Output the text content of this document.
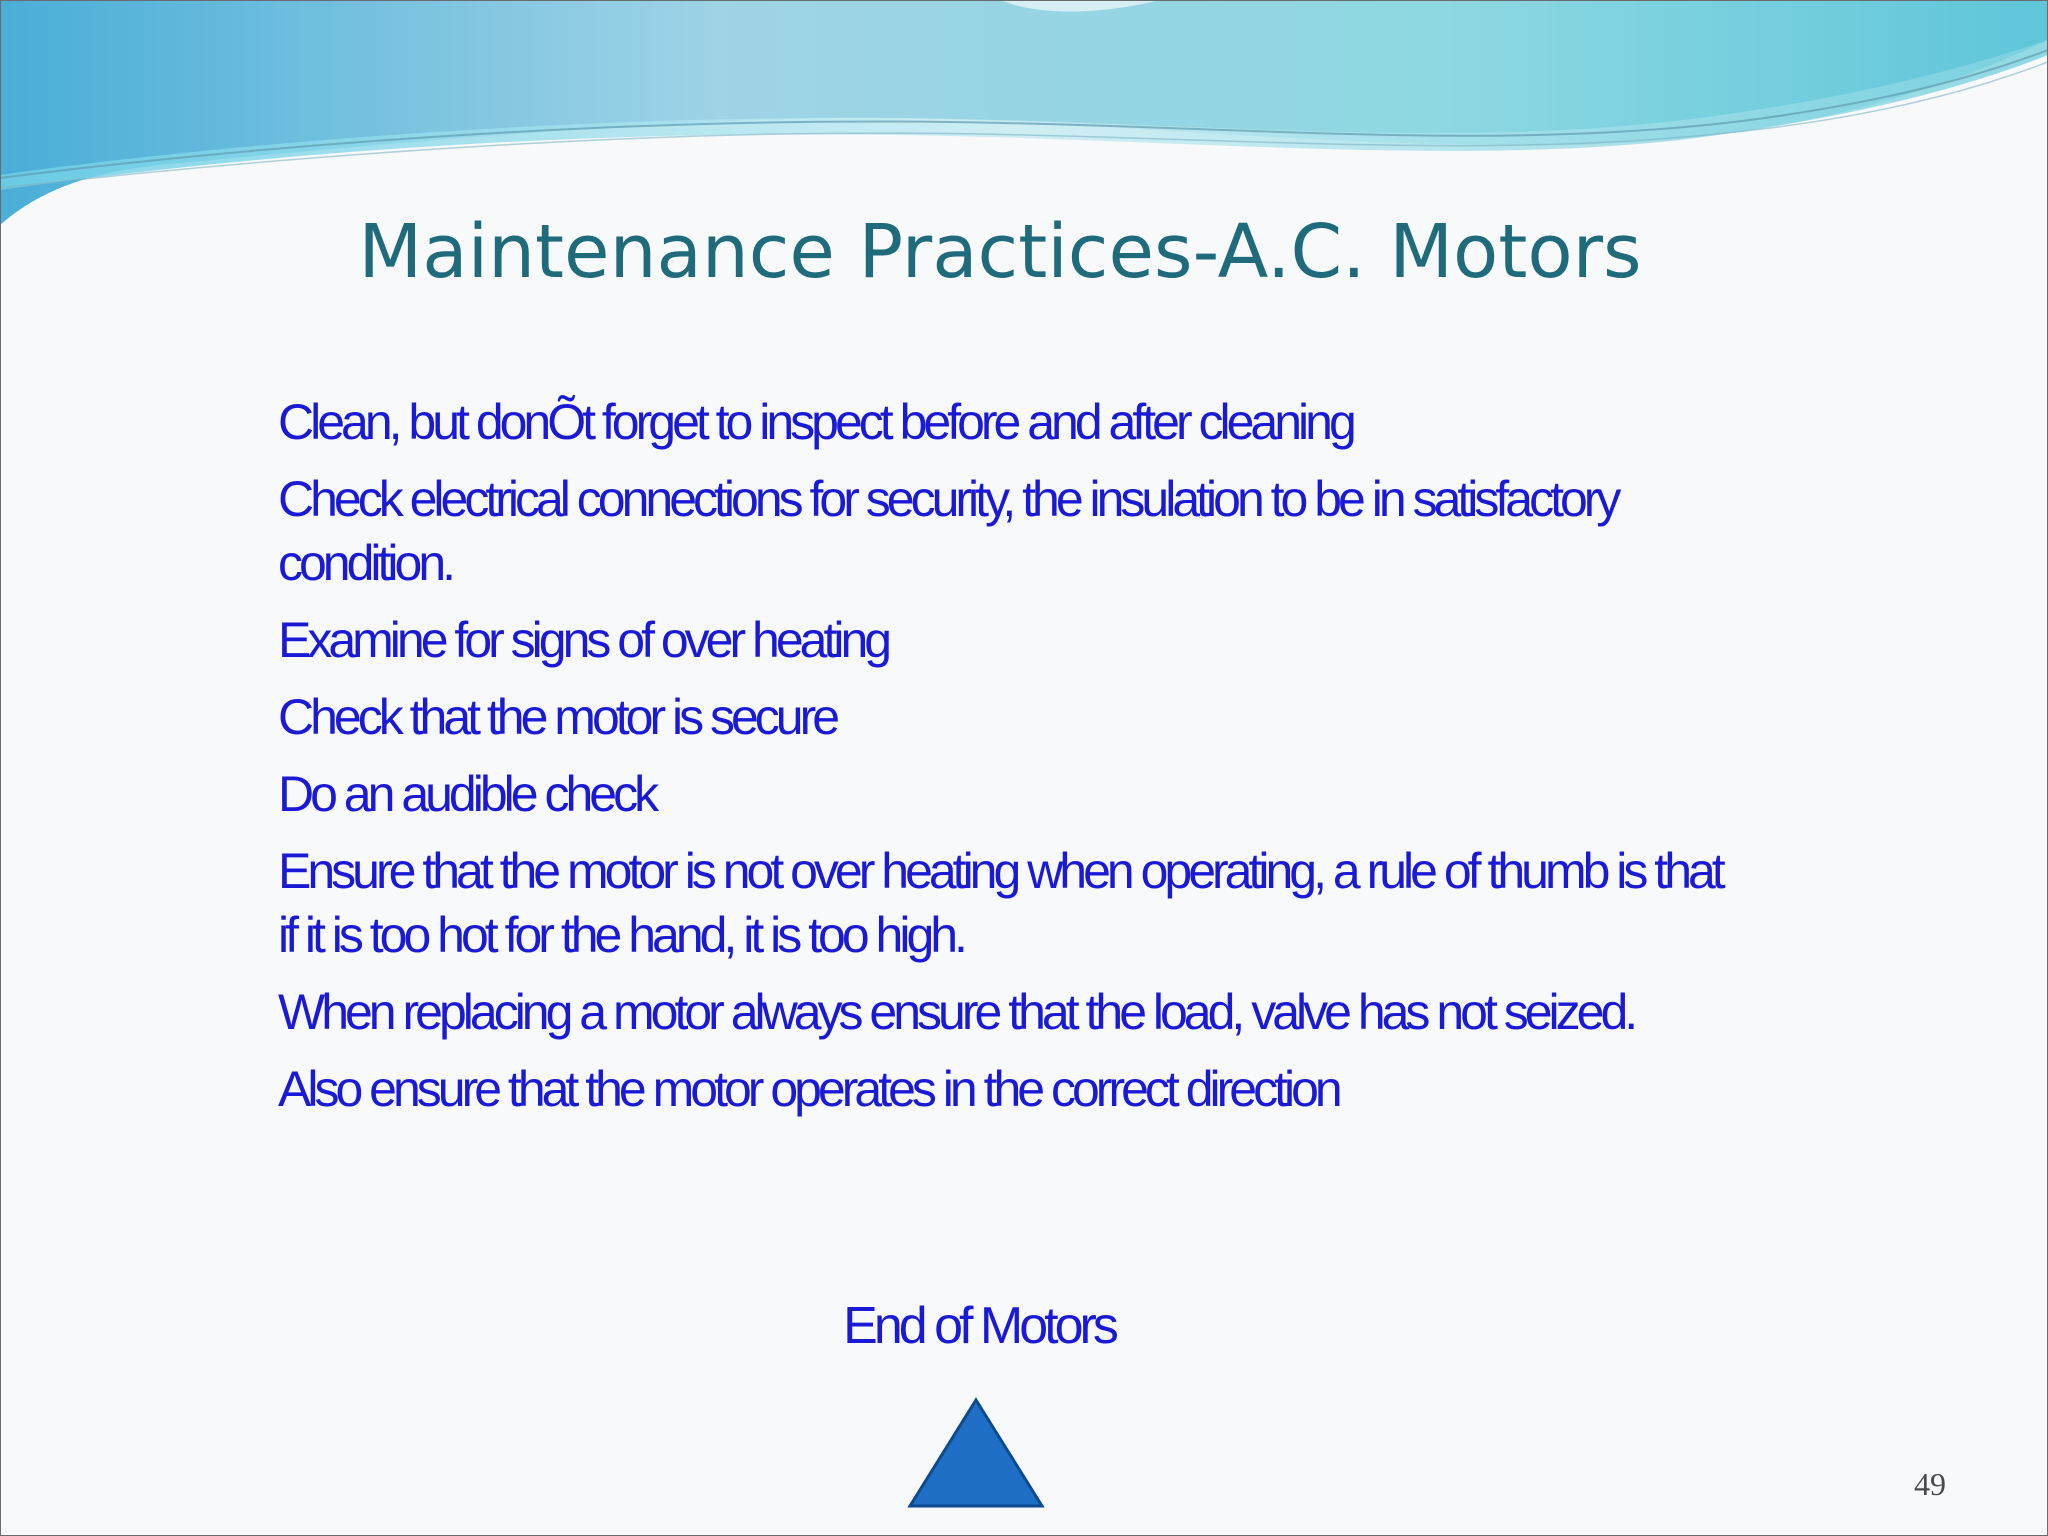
Maintenance Practices-A.C. Motors
Clean, but donÕt forget to inspect before and after cleaning
Check electrical connections for security, the insulation to be in satisfactory condition.
Examine for signs of over heating
Check that the motor is secure
Do an audible check
Ensure that the motor is not over heating when operating, a rule of thumb is that if it is too hot for the hand, it is too high.
When replacing a motor always ensure that the load, valve has not seized.
Also ensure that the motor operates in the correct direction

End of Motors

49
